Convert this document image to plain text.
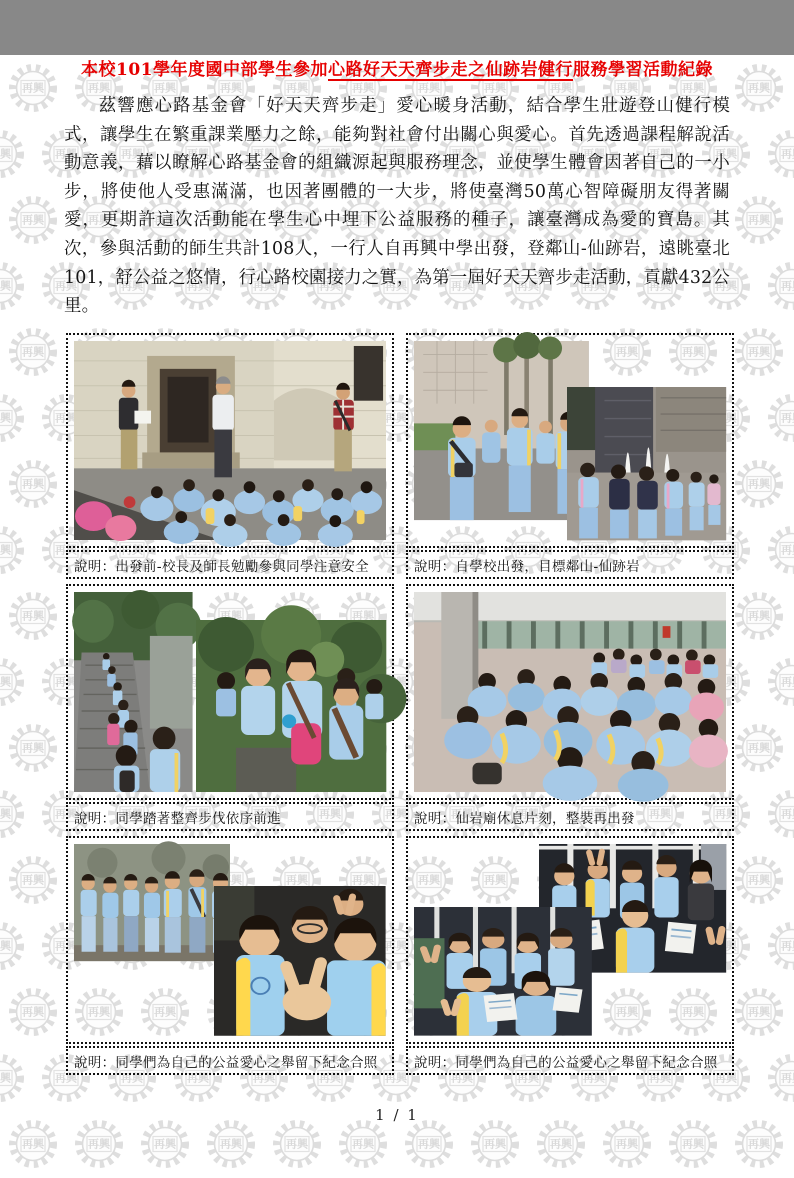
本校101學年度國中部學生參加心路好天天齊步走之仙跡岩健行服務學習活動紀錄

茲響應心路基金會「好天天齊步走」愛心暖身活動，結合學生壯遊登山健行模式，讓學生在繁重課業壓力之餘，能夠對社會付出關心與愛心。首先透過課程解說活動意義，藉以瞭解心路基金會的組織源起與服務理念，並使學生體會因著自己的一小步，將使他人受惠滿滿，也因著團體的一大步，將使臺灣50萬心智障礙朋友得著關愛，更期許這次活動能在學生心中埋下公益服務的種子，讓臺灣成為愛的寶島。其次，參與活動的師生共計108人，一行人自再興中學出發，登鄰山-仙跡岩，遠眺臺北101，舒公益之悠情，行心路校園接力之實，為第一屆好天天齊步走活動，貢獻432公里。

說明：出發前-校長及師長勉勵參與同學注意安全	說明：自學校出發，目標鄰山-仙跡岩
說明：同學踏著整齊步伐依序前進	說明：仙岩廟休息片刻，整裝再出發
說明：同學們為自己的公益愛心之舉留下紀念合照	說明：同學們為自己的公益愛心之舉留下紀念合照
1 / 1
